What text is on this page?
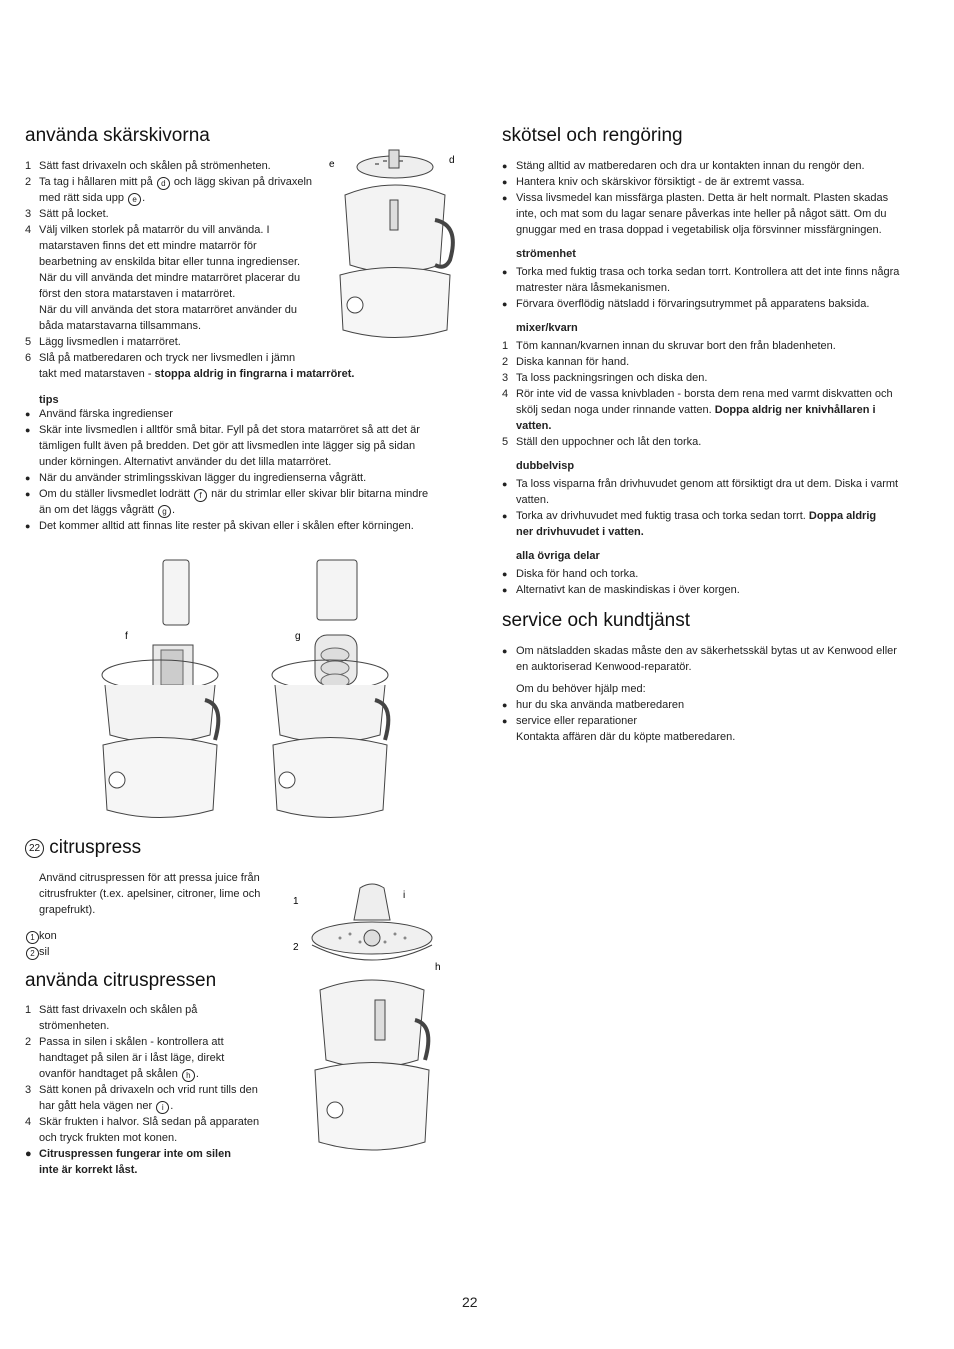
använda skärskivorna
1 Sätt fast drivaxeln och skålen på strömenheten.
2 Ta tag i hållaren mitt på d och lägg skivan på drivaxeln
med rätt sida upp e .
3 Sätt på locket.
4 Välj vilken storlek på matarrör du vill använda. I
matarstaven finns det ett mindre matarrör för
bearbetning av enskilda bitar eller tunna ingredienser.
När du vill använda det mindre matarröret placerar du
först den stora matarstaven i matarröret.
När du vill använda det stora matarröret använder du
båda matarstavarna tillsammans.
5 Lägg livsmedlen i matarröret.
6 Slå på matberedaren och tryck ner livsmedlen i jämn
takt med matarstaven - stoppa aldrig in fingrarna i matarröret.
tips
● Använd färska ingredienser
● Skär inte livsmedlen i alltför små bitar. Fyll på det stora matarröret så att det är
tämligen fullt även på bredden. Det gör att livsmedlen inte lägger sig på sidan
under körningen. Alternativt använder du det lilla matarröret.
● När du använder strimlingsskivan lägger du ingredienserna vågrätt.
● Om du ställer livsmedlet lodrätt f när du strimlar eller skivar blir bitarna mindre
än om det läggs vågrätt g .
● Det kommer alltid att finnas lite rester på skivan eller i skålen efter körningen.
e	d
f	g
22 citruspress

Använd citruspressen för att pressa juice från
citrusfrukter (t.ex. apelsiner, citroner, lime och
grapefrukt).

1 kon
2 sil
använda citruspressen
1 Sätt fast drivaxeln och skålen på
strömenheten.
2 Passa in silen i skålen - kontrollera att
handtaget på silen är i låst läge, direkt
ovanför handtaget på skålen h .
3 Sätt konen på drivaxeln och vrid runt tills den
har gått hela vägen ner i .
4 Skär frukten i halvor. Slå sedan på apparaten
och tryck frukten mot konen.
● Citruspressen fungerar inte om silen
inte är korrekt låst.
1
2
i
h
skötsel och rengöring
● Stäng alltid av matberedaren och dra ur kontakten innan du rengör den.
● Hantera kniv och skärskivor försiktigt - de är extremt vassa.
● Vissa livsmedel kan missfärga plasten. Detta är helt normalt. Plasten skadas
inte, och mat som du lagar senare påverkas inte heller på något sätt. Om du
gnuggar med en trasa doppad i vegetabilisk olja försvinner missfärgningen.
strömenhet
● Torka med fuktig trasa och torka sedan torrt. Kontrollera att det inte finns några
matrester nära låsmekanismen.
● Förvara överflödig nätsladd i förvaringsutrymmet på apparatens baksida.
mixer/kvarn
1 Töm kannan/kvarnen innan du skruvar bort den från bladenheten.
2 Diska kannan för hand.
3 Ta loss packningsringen och diska den.
4 Rör inte vid de vassa knivbladen - borsta dem rena med varmt diskvatten och
skölj sedan noga under rinnande vatten. Doppa aldrig ner knivhållaren i
vatten.
5 Ställ den uppochner och låt den torka.
dubbelvisp
● Ta loss visparna från drivhuvudet genom att försiktigt dra ut dem. Diska i varmt
vatten.
● Torka av drivhuvudet med fuktig trasa och torka sedan torrt. Doppa aldrig
ner drivhuvudet i vatten.
alla övriga delar
● Diska för hand och torka.
● Alternativt kan de maskindiskas i över korgen.
service och kundtjänst
● Om nätsladden skadas måste den av säkerhetsskäl bytas ut av Kenwood eller
en auktoriserad Kenwood-reparatör.

Om du behöver hjälp med:

● hur du ska använda matberedaren
● service eller reparationer

Kontakta affären där du köpte matberedaren.

22
